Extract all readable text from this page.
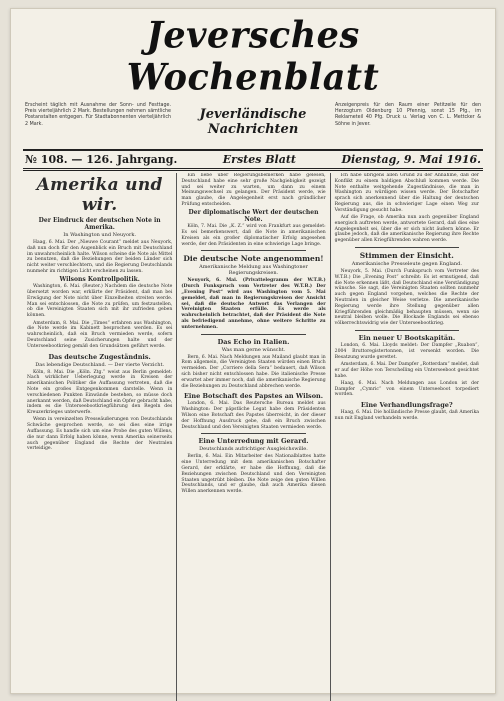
Jeversches Wochenblatt
Erscheint täglich mit Ausnahme der Sonn- und Festtage. Preis vierteljährlich 2 Mark. Bestellungen nehmen sämtliche Postanstalten entgegen. Für Stadtabonnenten vierteljährlich 2 Mark.
Jeverländische
Nachrichten
Anzeigenpreis für den Raum einer Petitzeile für den Herzogtum Oldenburg 10 Pfennig, sonst 15 Pfg., im Reklameteil 40 Pfg. Druck u. Verlag von C. L. Mettcker & Söhne in Jever.
№ 108. — 126. Jahrgang.	Erstes Blatt	Dienstag, 9. Mai 1916.
Amerika und wir.
Der Eindruck der deutschen Note in Amerika.
In Washington und Neuyork.

Haag, 6. Mai. Der „Nieuwe Courant“ meldet aus Neuyork, daß nun doch für den Augenblick ein Bruch mit Deutschland im unwahrscheinlich halte. Wilson scheine die Note als Mittel zu benutzen, daß die Beziehungen der beiden Länder sich nicht weiter verschlechtern, und die Regierung Deutschlands nunmehr im richtigen Licht erscheinen zu lassen.

Wilsons Kontrollpolitik.

Washington, 6. Mai. (Reuter.) Nachdem die deutsche Note übersetzt worden war, erklärte der Präsident, daß man bei Erwägung der Note nicht über Einzelheiten streiten werde. Man sei entschlossen, die Note zu prüfen, um festzustellen, ob die Vereinigten Staaten sich mit ihr zufrieden geben können.

Amsterdam, 8. Mai. Die „Times“ erfahren aus Washington, die Note werde im Kabinett besprochen werden. Es sei wahrscheinlich, daß ein Bruch vermieden werde, sofern Deutschland seine Zusicherungen halte und der Unterseebootkrieg gemäß den Grundsätzen geführt werde.

Das deutsche Zugeständnis.
Das lebendige Deutschland. — Der vierte Verzicht.

Köln, 8. Mai. Die „Köln. Ztg.“ weist aus Berlin gemeldet: Nach wirklicher Ueberlegung werde in Kreisen der amerikanischen Politiker die Auffassung vertreten, daß die Note ein großes Entgegenkommen darstelle. Wenn in verschiedenen Punkten Einwände bestehen, so müsse doch anerkannt werden, daß Deutschland ein Opfer gebracht habe, indem es die Unterseebootkriegführung den Regeln des Kreuzerkrieges unterwerfe.

Wenn in vereinzelten Presseäußerungen von Deutschlands Schwäche gesprochen werde, so sei dies eine irrige Auffassung. Es handle sich um eine Probe des guten Willens, die nur dann Erfolg haben könne, wenn Amerika seinerseits auch gegenüber England die Rechte der Neutralen verteidige.

Ein liebe über Regierungsbemerken habe gelesen, Deutschland habe eine sehr große Nachgiebigkeit gezeigt und sei weiter zu warten, um dann zu einem Meinungswechsel zu gelangen. Der Präsident werde, wie man glaube, die Angelegenheit erst nach gründlicher Prüfung entscheiden.

Der diplomatische Wert der deutschen Note.

Köln, 7. Mai. Die „K. Z.“ wird von Frankfurt aus gemeldet: Es sei bemerkenswert, daß die Note in amerikanischen Kreisen als ein großer diplomatischer Erfolg angesehen werde, der den Präsidenten in eine schwierige Lage bringe.

Die deutsche Note angenommen!
Amerikanische Meldung aus Washingtoner Regierungskreisen.

Neuyork, 6. Mai. (Privattelegramm der W.T.B.) (Durch Funkspruch vom Vertreter des W.T.B.) Der „Evening Post“ wird aus Washington vom 5. Mai gemeldet, daß man in Regierungskreisen der Ansicht sei, daß die deutsche Antwort das Verlangen der Vereinigten Staaten erfülle. Es werde als wahrscheinlich betrachtet, daß der Präsident die Note als befriedigend annehme, ohne weitere Schritte zu unternehmen.

Das Echo in Italien.
Was man gerne wünscht.

Bern, 6. Mai. Nach Meldungen aus Mailand glaubt man in Rom allgemein, die Vereinigten Staaten würden einen Bruch vermeiden. Der „Corriere della Sera“ bedauert, daß Wilson sich bisher nicht entschlossen habe. Die italienische Presse erwartet aber immer noch, daß die amerikanische Regierung die Beziehungen zu Deutschland abbrechen werde.

Eine Botschaft des Papstes an Wilson.

London, 6. Mai. Das Reutersche Bureau meldet aus Washington: Der päpstliche Legat habe dem Präsidenten Wilson eine Botschaft des Papstes überreicht, in der dieser der Hoffnung Ausdruck gebe, daß ein Bruch zwischen Deutschland und den Vereinigten Staaten vermieden werde.

Eine Unterredung mit Gerard.
Deutschlands aufrichtiger Ausgleichswille.

Berlin, 6. Mai. Ein Mitarbeiter des Nationalblattes hatte eine Unterredung mit dem amerikanischen Botschafter Gerard, der erklärte, er habe die Hoffnung, daß die Beziehungen zwischen Deutschland und den Vereinigten Staaten ungetrübt bleiben. Die Note zeige den guten Willen Deutschlands, und er glaube, daß auch Amerika diesen Willen anerkennen werde.

Ich habe übrigens allen Grund zu der Annahme, daß der Konflikt zu einem baldigen Abschluß kommen werde. Die Note enthalte weitgehende Zugeständnisse, die man in Washington zu würdigen wissen werde. Der Botschafter sprach sich anerkennend über die Haltung der deutschen Regierung aus, die in schwieriger Lage einen Weg zur Verständigung gesucht habe.

Auf die Frage, ob Amerika nun auch gegenüber England energisch auftreten werde, antwortete Gerard, daß dies eine Angelegenheit sei, über die er sich nicht äußern könne. Er glaube jedoch, daß die amerikanische Regierung ihre Rechte gegenüber allen Kriegführenden wahren werde.

Stimmen der Einsicht.
Amerikanische Presseleute gegen England.

Neuyork, 5. Mai. (Durch Funkspruch vom Vertreter des W.T.B.) Die „Evening Post“ schreibt: Es ist ermutigend, daß die Note erkennen läßt, daß Deutschland eine Verständigung wünsche. Sie sagt, die Vereinigten Staaten sollten nunmehr auch gegen England vorgehen, welches die Rechte der Neutralen in gleicher Weise verletze. Die amerikanische Regierung werde ihre Stellung gegenüber allen Kriegführenden gleichmäßig behaupten müssen, wenn sie neutral bleiben wolle. Die Blockade Englands sei ebenso völkerrechtswidrig wie der Unterseebootkrieg.

Ein neuer U Bootskapitän.

London, 6. Mai. Lloyds meldet: Der Dampfer „Ruabon“, 2004 Bruttoregistertonnen, ist versenkt worden. Die Besatzung wurde gerettet.

Amsterdam, 6. Mai. Der Dampfer „Rotterdam“ meldet, daß er auf der Höhe von Terschelling ein Unterseeboot gesichtet habe.

Haag, 6. Mai. Nach Meldungen aus London ist der Dampfer „Cymric“ von einem Unterseeboot torpediert worden.

Eine Verhandlungsfrage?

Haag, 6. Mai. Die holländische Presse glaubt, daß Amerika nun mit England verhandeln werde.
